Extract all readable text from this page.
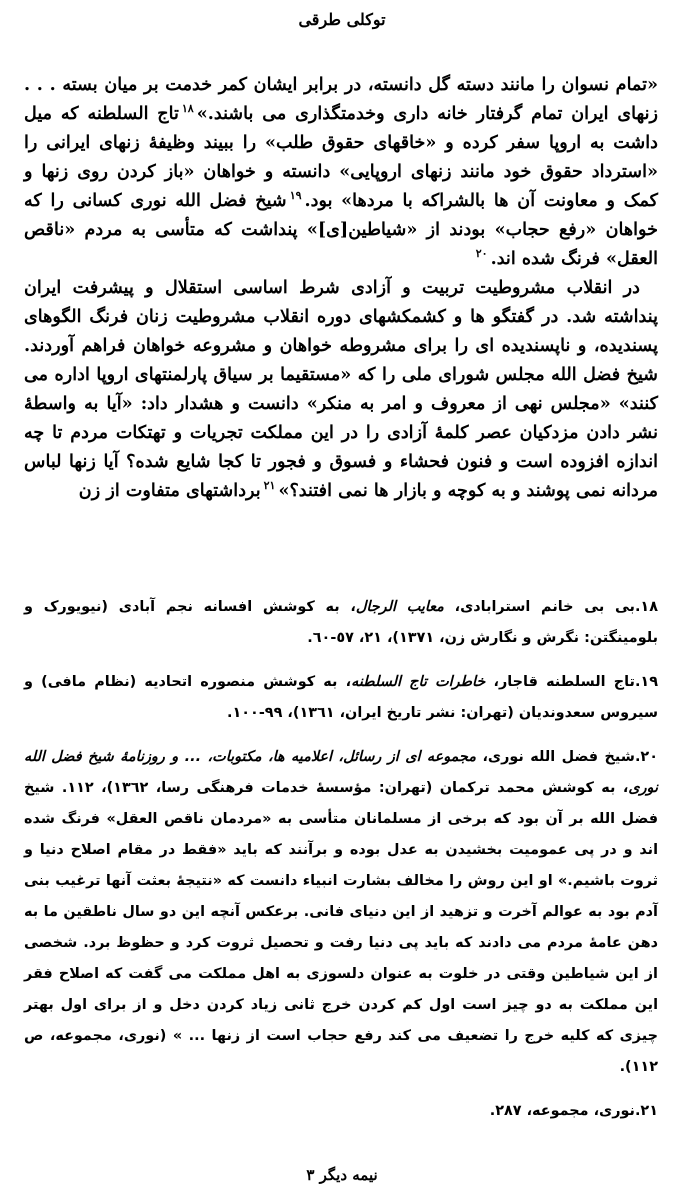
توکلی طرقی

«تمام نسوان را مانند دسته گل دانسته، در برابر ایشان کمر خدمت بر میان بسته . . . زنهای ایران تمام گرفتار خانه داری وخدمتگذاری می باشند.»$^{١٨}$تاج السلطنه که میل داشت به اروپا سفر کرده و «خاقهای حقوق طلب» را ببیند وظیفهٔ زنهای ایرانی را «استرداد حقوق خود مانند زنهای اروپایی» دانسته و خواهان «باز کردن روی زنها و کمک و معاونت آن ها بالشراکه با مردها» بود.$^{١٩}$شیخ فضل الله نوری کسانی را که خواهان «رفع حجاب» بودند از «شیاطین[ی]» پنداشت که متأسی به مردم «ناقص العقل» فرنگ شده اند.$^{٢٠}$

در انقلاب مشروطیت تربیت و آزادی شرط اساسی استقلال و پیشرفت ایران پنداشته شد. در گفتگو ها و کشمکشهای دوره انقلاب مشروطیت زنان فرنگ الگوهای پسندیده، و ناپسندیده ای را برای مشروطه خواهان و مشروعه خواهان فراهم آوردند. شیخ فضل الله مجلس شورای ملی را که «مستقیما بر سیاق پارلمنتهای اروپا اداره می کنند» «مجلس نهی از معروف و امر به منکر» دانست و هشدار داد: «آیا به واسطهٔ نشر دادن مزدکیان عصر کلمهٔ آزادی را در این مملکت تجریات و تهتکات مردم تا چه اندازه افزوده است و فنون فحشاء و فسوق و فجور تا کجا شایع شده؟ آیا زنها لباس مردانه نمی پوشند و به کوچه و بازار ها نمی افتند؟»$^{٢١}$برداشتهای متفاوت از زن

١٨.بی بی خانم استرابادی، معایب الرجال، به کوشش افسانه نجم آبادی (نیویورک و بلومینگتن: نگرش و نگارش زن، ١٣٧١)، ٢١، ٥٧-٦٠.

١٩.تاج السلطنه قاجار، خاطرات تاج السلطنه، به کوشش منصوره اتحادیه (نظام مافی) و سیروس سعدوندیان (تهران: نشر تاریخ ایران، ١٣٦١)، ٩٩-١٠٠.

٢٠.شیخ فضل الله نوری، مجموعه ای از رسائل، اعلامیه ها، مکتوبات، ... و روزنامهٔ شیخ فضل الله نوری، به کوشش محمد ترکمان (تهران: مؤسسهٔ خدمات فرهنگی رسا، ١٣٦٢)، ١١٢. شیخ فضل الله بر آن بود که برخی از مسلمانان متأسی به «مردمان ناقص العقل» فرنگ شده اند و در پی عمومیت بخشیدن به عدل بوده و برآنند که باید «فقط در مقام اصلاح دنیا و ثروت باشیم.» او این روش را مخالف بشارت انبیاء دانست که «نتیجهٔ بعثت آنها ترغیب بنی آدم بود به عوالم آخرت و تزهید از این دنیای فانی. برعکس آنچه این دو سال ناطقین ما به دهن عامهٔ مردم می دادند که باید پی دنیا رفت و تحصیل ثروت کرد و حظوظ برد. شخصی از این شیاطین وقتی در خلوت به عنوان دلسوزی به اهل مملکت می گفت که اصلاح فقر این مملکت به دو چیز است اول کم کردن خرج ثانی زیاد کردن دخل و از برای اول بهتر چیزی که کلیه خرج را تضعیف می کند رفع حجاب است از زنها ... » (نوری، مجموعه، ص ١١٢).

٢١.نوری، مجموعه، ٢٨٧.

نیمه دیگر ٣
